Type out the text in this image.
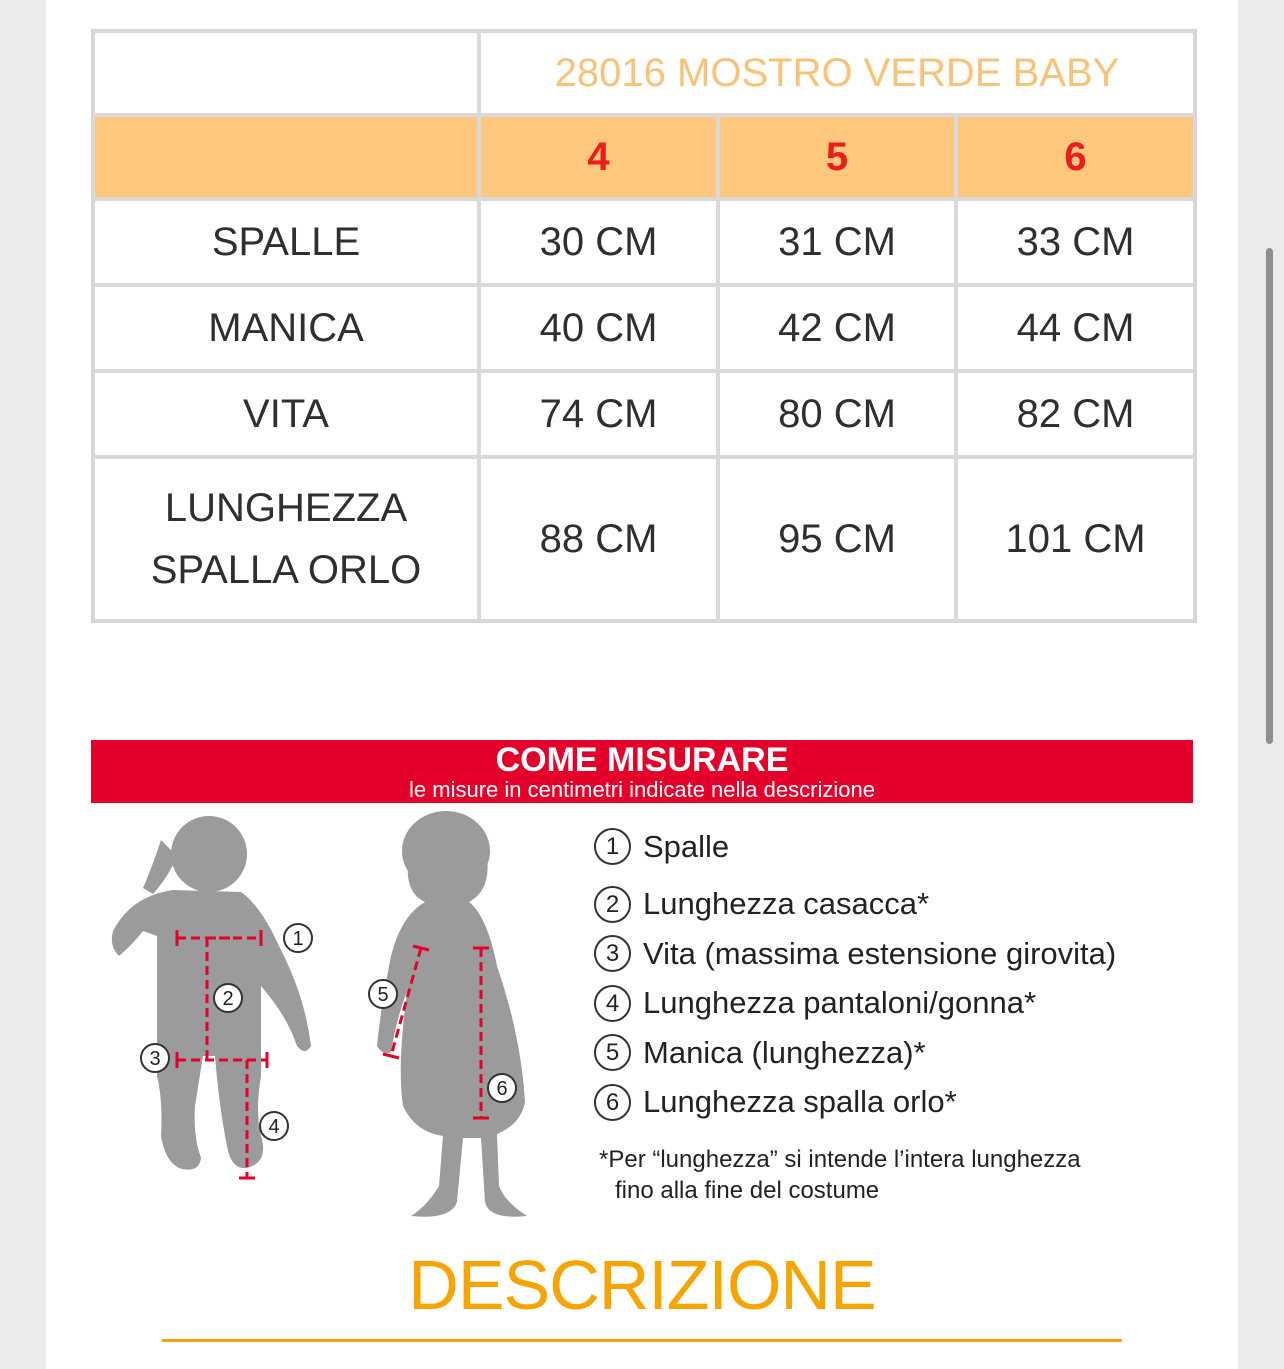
	28016 MOSTRO VERDE BABY		
	4	5	6
SPALLE	30 CM	31 CM	33 CM
MANICA	40 CM	42 CM	44 CM
VITA	74 CM	80 CM	82 CM

LUNGHEZZA
SPALLA ORLO	88 CM	95 CM	101 CM
COME MISURARE
le misure in centimetri indicate nella descrizione
1
2
3
4
5
6
1 Spalle
2 Lunghezza casacca*
3 Vita (massima estensione girovita)
4 Lunghezza pantaloni/gonna*
5 Manica (lunghezza)*
6 Lunghezza spalla orlo*
*Per “lunghezza” si intende l’intera lunghezza
fino alla fine del costume
DESCRIZIONE
